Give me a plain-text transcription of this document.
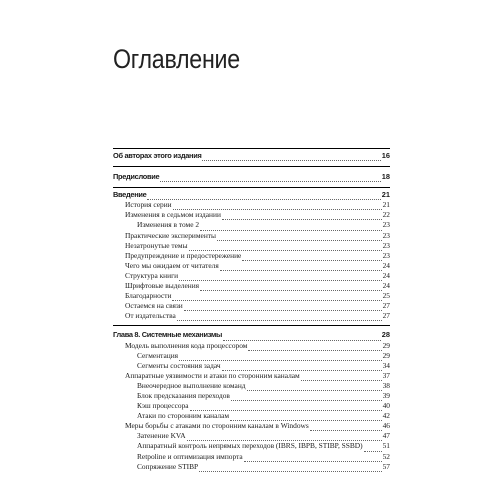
Оглавление
Об авторах этого издания	16
Предисловие	18
Введение	21
История серии	21
Изменения в седьмом издании	22
Изменения в томе 2	23
Практические эксперименты	23
Незатронутые темы	23
Предупреждение и предостережение	23
Чего мы ожидаем от читателя	24
Структура книги	24
Шрифтовые выделения	24
Благодарности	25
Остаемся на связи	27
От издательства	27
Глава 8. Системные механизмы	28
Модель выполнения кода процессором	29
Сегментация	29
Сегменты состояния задач	34
Аппаратные уязвимости и атаки по сторонним каналам	37
Внеочередное выполнение команд	38
Блок предсказания переходов	39
Кэш процессора	40
Атаки по сторонним каналам	42
Меры борьбы с атаками по сторонним каналам в Windows	46
Затенение KVA	47
Аппаратный контроль непрямых переходов (IBRS, IBPB, STIBP, SSBD)	51
Retpoline и оптимизация импорта	52
Сопряжение STIBP	57
